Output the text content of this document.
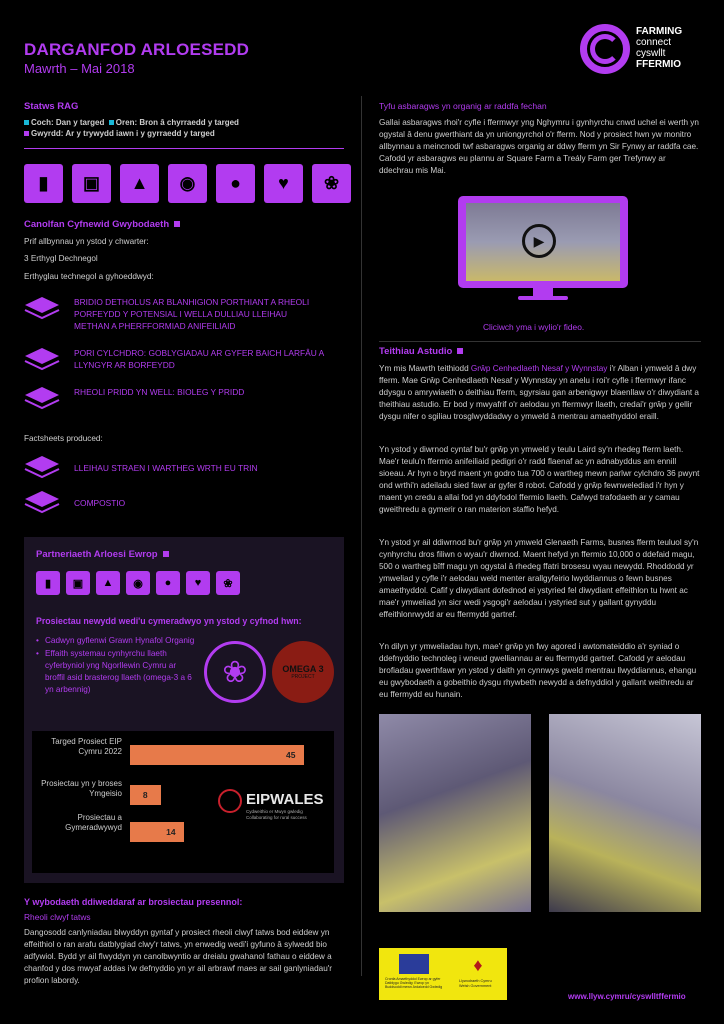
DARGANFOD ARLOESEDD
Mawrth – Mai 2018
FARMING
connect
cyswllt
FFERMIO
Statws RAG
Coch: Dan y targed Oren: Bron â chyrraedd y targed
Gwyrdd: Ar y trywydd iawn i y gyrraedd y targed
▮	▣	▲	◉	●	♥	❀
Canolfan Cyfnewid Gwybodaeth
Prif allbynnau yn ystod y chwarter:
3 Erthygl Dechnegol
Erthyglau technegol a gyhoeddwyd:
BRIDIO DETHOLUS AR BLANHIGION PORTHIANT A RHEOLI PORFEYDD Y POTENSIAL I WELLA DULLIAU LLEIHAU METHAN A PHERFFORMIAD ANIFEILIAID
PORI CYLCHDRO: GOBLYGIADAU AR GYFER BAICH LARFÂU A LLYNGYR AR BORFEYDD
RHEOLI PRIDD YN WELL: BIOLEG Y PRIDD
Factsheets produced:
LLEIHAU STRAEN I WARTHEG WRTH EU TRIN
COMPOSTIO
Partneriaeth Arloesi Ewrop
▮	▣	▲	◉	●	♥	❀
Prosiectau newydd wedi'u cymeradwyo yn ystod y cyfnod hwn:
• Cadwyn gyflenwi Grawn Hynafol Organig
• Effaith systemau cynhyrchu llaeth cyferbyniol yng Ngorllewin Cymru ar broffil asid brasterog llaeth (omega-3 a 6 yn arbennig)
❀	OMEGA 3
PROJECT
Targed Prosiect EIP Cymru 2022	45
Prosiectau yn y broses Ymgeisio 8
Prosiectau a Gymeradwywyd	14
EIPWALES
Cydweithio er Mwyn gwledig
Collaborating for rural success
Y wybodaeth ddiweddaraf ar brosiectau presennol:
Rheoli clwyf tatws
Dangosodd canlyniadau blwyddyn gyntaf y prosiect rheoli clwyf tatws bod eiddew yn effeithiol o ran arafu datblygiad clwy'r tatws, yn enwedig wedi'i gyfuno â sylwedd bio adfywiol. Bydd yr ail flwyddyn yn canolbwyntio ar dreialu gwahanol fathau o eiddew a chanfod y dos mwyaf addas i'w defnyddio yn yr ail arbrawf maes ar sail ganlyniadau'r profion labordy.
Tyfu asbaragws yn organig ar raddfa fechan
Gallai asbaragws rhoi'r cyfle i ffermwyr yng Nghymru i gynhyrchu cnwd uchel ei werth yn ogystal â denu gwerthiant da yn uniongyrchol o'r fferm. Nod y prosiect hwn yw monitro allbynnau a meincnodi twf asbaragws organig ar ddwy fferm yn Sir Fynwy ar raddfa cae. Cafodd yr asbaragws eu plannu ar Square Farm a Treály Farm ger Trefynwy ar ddechrau mis Mai.
▶
Cliciwch yma i wylio'r fideo.
Teithiau Astudio
Ym mis Mawrth teithiodd Grŵp Cenhedlaeth Nesaf y Wynnstay i'r Alban i ymweld â dwy fferm. Mae Grŵp Cenhedlaeth Nesaf y Wynnstay yn anelu i roi'r cyfle i ffermwyr ifanc ddysgu o amrywiaeth o deithiau fferm, sgyrsiau gan arbenigwyr blaenllaw o'r diwydiant a theithiau astudio. Er bod y mwyafrif o'r aelodau yn ffermwyr llaeth, credai'r grŵp y gellir dysgu nifer o sgiliau trosglwyddadwy o ymweld â mentrau amaethyddol eraill.
Yn ystod y diwrnod cyntaf bu'r grŵp yn ymweld y teulu Laird sy'n rhedeg fferm laeth. Mae'r teulu'n ffermio anifeiliaid pedigri o'r radd flaenaf ac yn adnabyddus am ennill sioeau. Ar hyn o bryd maent yn godro tua 700 o wartheg mewn parlwr cylchdro 36 pwynt ond wrthi'n adeiladu sied fawr ar gyfer 8 robot. Cafodd y grŵp fewnwelediad i'r hyn y maent yn credu a allai fod yn ddyfodol ffermio llaeth. Cafwyd trafodaeth ar y camau gweithredu a gymerir o ran materion staffio hefyd.
Yn ystod yr ail ddiwrnod bu'r grŵp yn ymweld Glenaeth Farms, busnes fferm teuluol sy'n cynhyrchu dros filiwn o wyau'r diwrnod. Maent hefyd yn ffermio 10,000 o ddefaid magu, 500 o wartheg bîff magu yn ogystal â rhedeg ffatri brosesu wyau newydd. Rhoddodd yr ymweliad y cyfle i'r aelodau weld menter arallgyfeirio lwyddiannus o fewn busnes amaethyddol. Cafif y diwydiant dofednod ei ystyried fel diwydiant effeithlon tu hwnt ac mae'r ymweliad yn sicr wedi ysgogi'r aelodau i ystyried sut y gallant gynyddu effeithlonrwydd ar eu ffermydd gartref.
Yn dilyn yr ymweliadau hyn, mae'r grŵp yn fwy agored i awtomateiddio a'r syniad o ddefnyddio technoleg i wneud gwelliannau ar eu ffermydd gartref. Cafodd yr aelodau brofiadau gwerthfawr yn ystod y daith yn cynnwys gweld mentrau llwyddiannus, ehangu eu gwybodaeth a gobeithio dysgu rhywbeth newydd a defnyddiol y gallant weithredu ar eu ffermydd eu hunain.
Cronfa Amaethyddol Ewrop ar gyfer Datblygu Gwledig: Ewrop yn Buddsoddi mewn Ardaloedd Gwledig
♦
Llywodraeth Cymru
Welsh Government
www.llyw.cymru/cyswlltffermio
